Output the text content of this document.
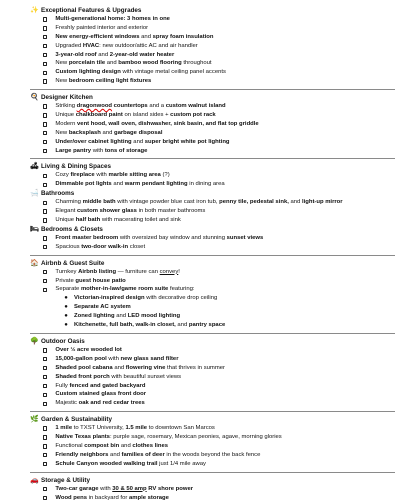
✨ Exceptional Features & Upgrades
Multi-generational home: 3 homes in one
Freshly painted interior and exterior
New energy-efficient windows and spray foam insulation
Upgraded HVAC : new outdoor/attic AC and air handler
3-year-old roof and 2-year-old water heater
New porcelain tile and bamboo wood flooring throughout
Custom lighting design with vintage metal ceiling panel accents
New bedroom ceiling light fixtures
🍳 Designer Kitchen
Striking dragonwood countertops and a custom walnut island
Unique chalkboard paint on island sides + custom pot rack
Modern vent hood, wall oven, dishwasher, sink basin, and flat top griddle
New backsplash and garbage disposal
Under/over cabinet lighting and super bright white pot lighting
Large pantry with tons of storage
🛋 Living & Dining Spaces
Cozy fireplace with marble sitting area (?)
Dimmable pot lights and warm pendant lighting in dining area
🛁 Bathrooms
Charming middle bath with vintage powder blue cast iron tub, penny tile, pedestal sink, and light-up mirror
Elegant custom shower glass in both master bathrooms
Unique half bath with macerating toilet and sink
🛏 Bedrooms & Closets
Front master bedroom with oversized bay window and stunning sunset views
Spacious two-door walk-in closet
🏠 Airbnb & Guest Suite
Turnkey Airbnb listing — furniture can convey !
Private guest house patio
Separate mother-in-law/game room suite featuring:
●	Victorian-inspired design with decorative drop ceiling
●	Separate AC system
●	Zoned lighting and LED mood lighting
●	Kitchenette, full bath, walk-in closet, and pantry space
🌳 Outdoor Oasis
Over ½ acre wooded lot
15,000-gallon pool with new glass sand filter
Shaded pool cabana and flowering vine that thrives in summer
Shaded front porch with beautiful sunset views
Fully fenced and gated backyard
Custom stained glass front door
Majestic oak and red cedar trees
🌿 Garden & Sustainability
1 mile to TXST University, 1.5 mile to downtown San Marcos
Native Texas plants : purple sage, rosemary, Mexican peonies, agave, morning glories
Functional compost bin and clothes lines
Friendly neighbors and families of deer in the woods beyond the back fence
Schule Canyon wooded walking trail just 1/4 mile away
🚗 Storage & Utility
Two-car garage with 30 & 50 amp RV shore power
Wood pens in backyard for ample storage
